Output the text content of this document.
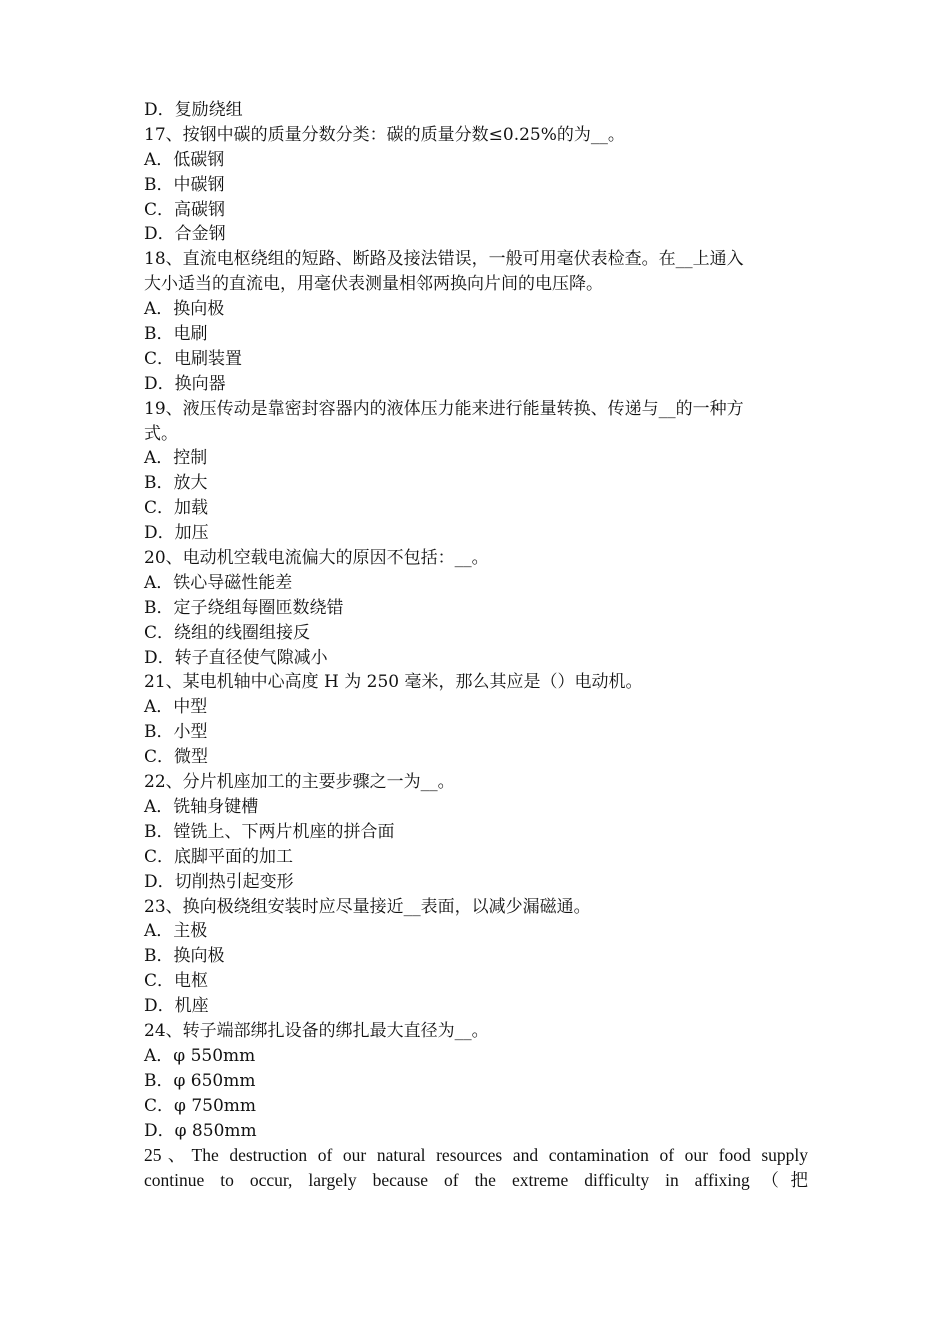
D．复励绕组
17、按钢中碳的质量分数分类：碳的质量分数≤0.25%的为__。
A．低碳钢
B．中碳钢
C．高碳钢
D．合金钢
18、直流电枢绕组的短路、断路及接法错误，一般可用毫伏表检查。在__上通入
大小适当的直流电，用毫伏表测量相邻两换向片间的电压降。
A．换向极
B．电刷
C．电刷装置
D．换向器
19、液压传动是靠密封容器内的液体压力能来进行能量转换、传递与__的一种方
式。
A．控制
B．放大
C．加载
D．加压
20、电动机空载电流偏大的原因不包括：__。
A．铁心导磁性能差
B．定子绕组每圈匝数绕错
C．绕组的线圈组接反
D．转子直径使气隙减小
21、某电机轴中心高度 H 为 250 毫米，那么其应是（）电动机。
A．中型
B．小型
C．微型
22、分片机座加工的主要步骤之一为__。
A．铣轴身键槽
B．镗铣上、下两片机座的拼合面
C．底脚平面的加工
D．切削热引起变形
23、换向极绕组安装时应尽量接近__表面，以减少漏磁通。
A．主极
B．换向极
C．电枢
D．机座
24、转子端部绑扎设备的绑扎最大直径为__。
A．φ 550mm
B．φ 650mm
C．φ 750mm
D．φ 850mm
25、The destruction of our natural resources and contamination of our food supply
continue to occur, largely because of the extreme difficulty in affixing（把
